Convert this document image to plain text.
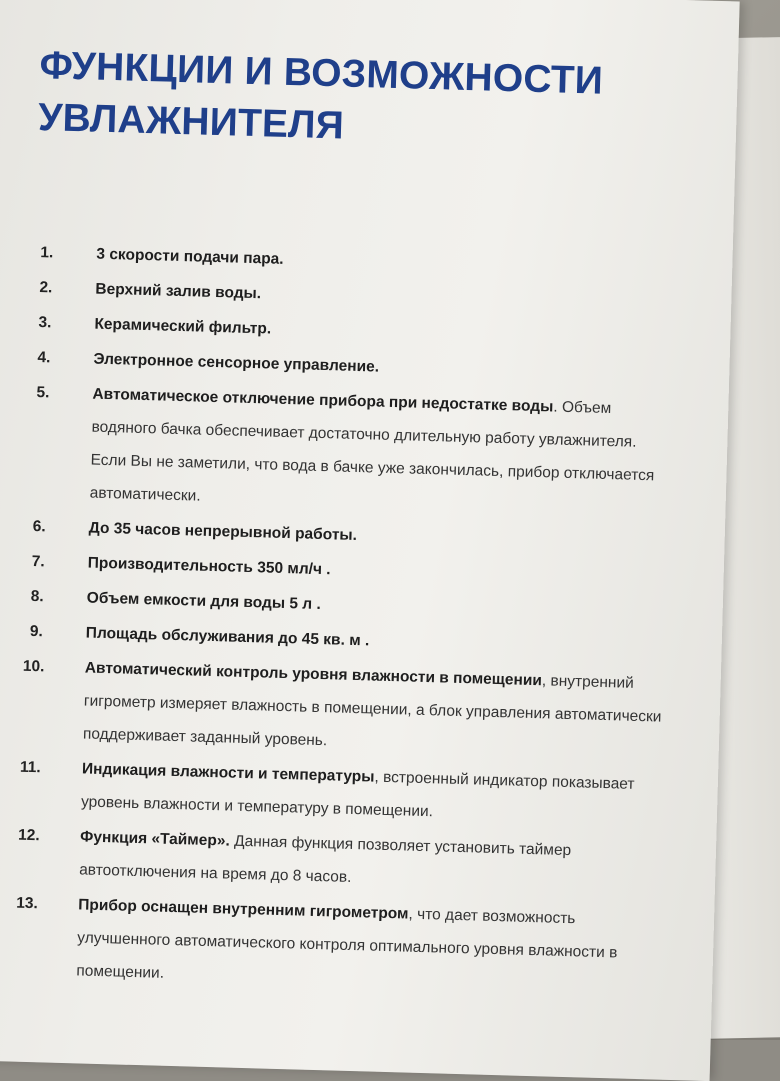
ФУНКЦИИ И ВОЗМОЖНОСТИ
УВЛАЖНИТЕЛЯ
1.	3 скорости подачи пара.
2.	Верхний залив воды.
3.	Керамический фильтр.
4.	Электронное сенсорное управление.
5.	Автоматическое отключение прибора при недостатке воды. Объем водяного бачка обеспечивает достаточно длительную работу увлажнителя. Если Вы не заметили, что вода в бачке уже закончилась, прибор отключается автоматически.
6.	До 35 часов непрерывной работы.
7.	Производительность 350 мл/ч .
8.	Объем емкости для воды 5 л .
9.	Площадь обслуживания до 45 кв. м .
10.	Автоматический контроль уровня влажности в помещении, внутренний гигрометр измеряет влажность в помещении, а блок управления автоматически поддерживает заданный уровень.
11.	Индикация влажности и температуры, встроенный индикатор показывает уровень влажности и температуру в помещении.
12.	Функция «Таймер». Данная функция позволяет установить таймер автоотключения на время до 8 часов.
13.	Прибор оснащен внутренним гигрометром, что дает возможность улучшенного автоматического контроля оптимального уровня влажности в помещении.
